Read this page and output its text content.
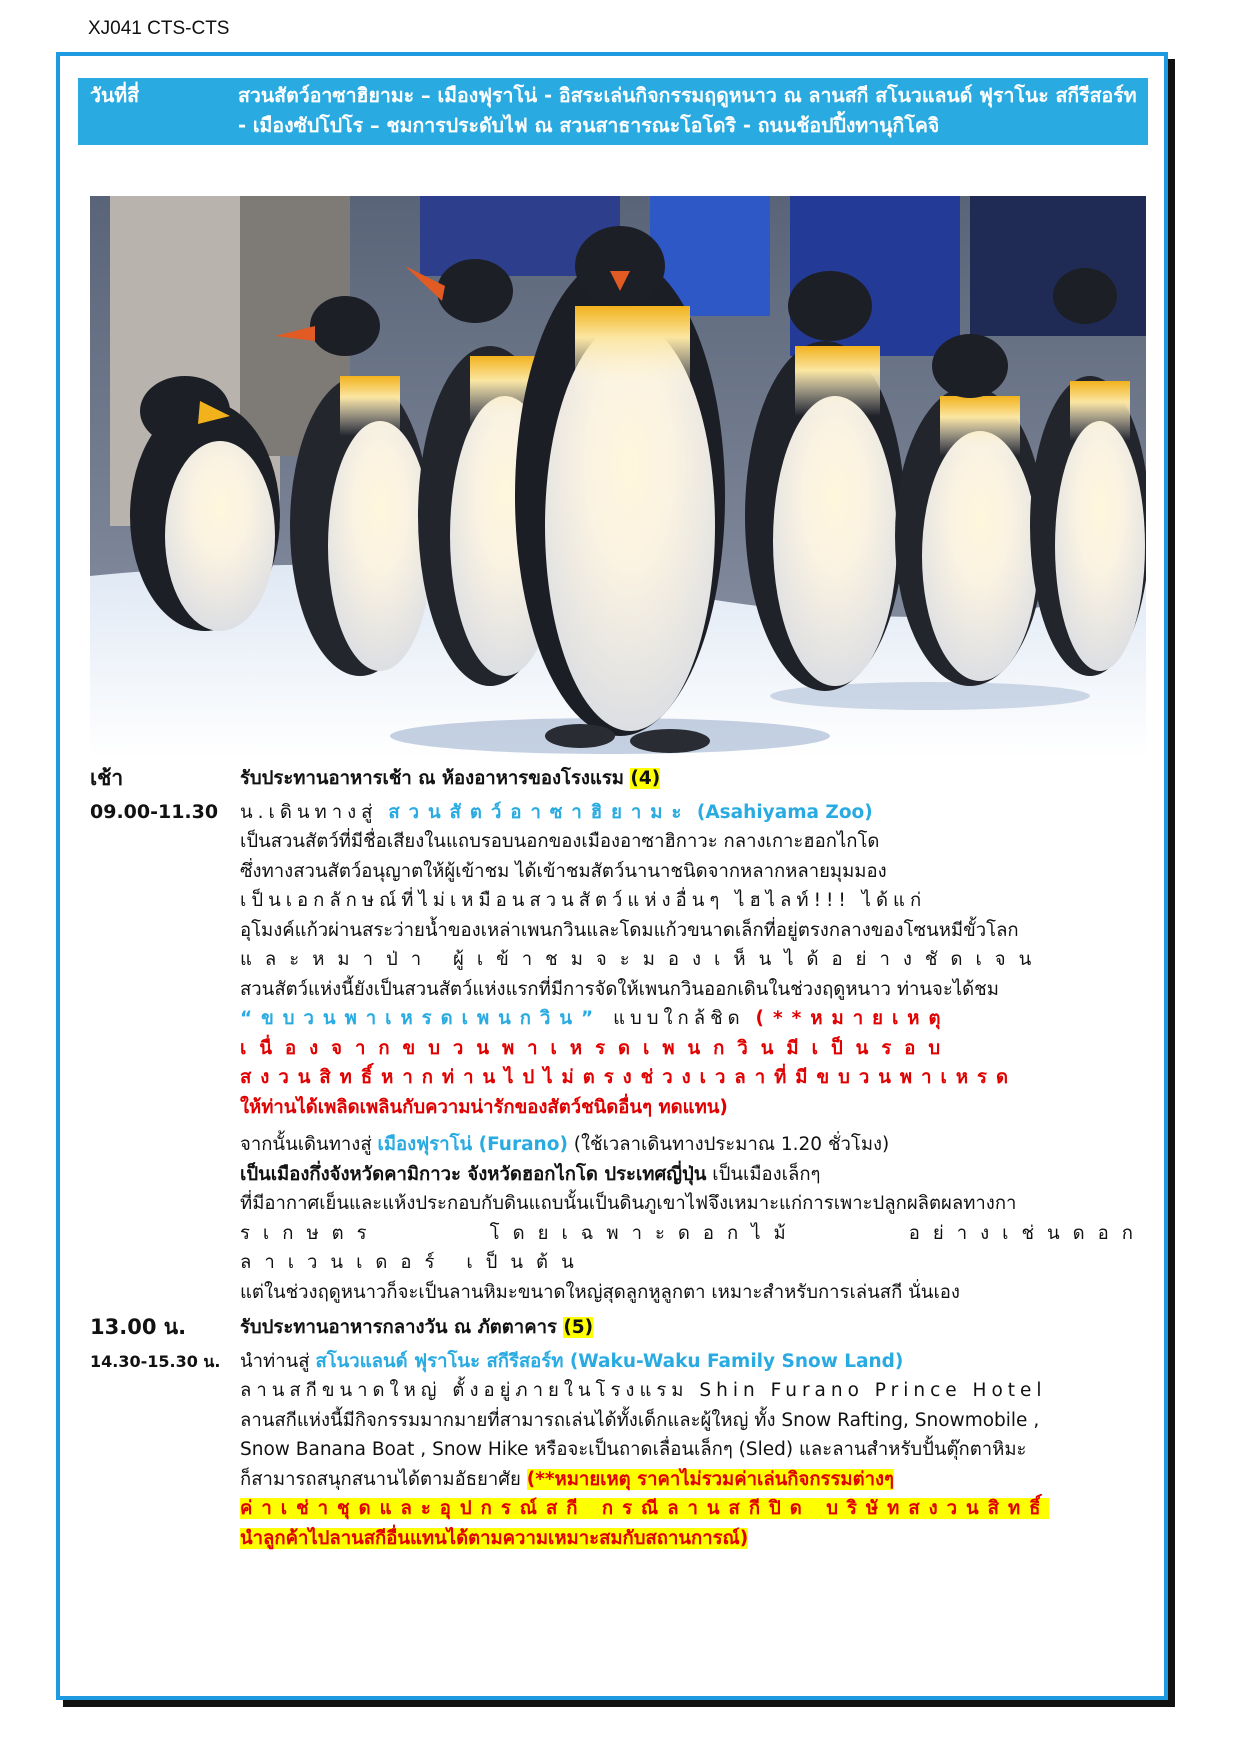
XJ041 CTS-CTS
วันที่สี่	สวนสัตว์อาซาฮิยามะ – เมืองฟุราโน่ - อิสระเล่นกิจกรรมฤดูหนาว ณ ลานสกี สโนวแลนด์ ฟุราโนะ สกีรีสอร์ท - เมืองซัปโปโร – ชมการประดับไฟ ณ สวนสาธารณะโอโดริ - ถนนช้อปปิ้งทานุกิโคจิ
เช้า	รับประทานอาหารเช้า ณ ห้องอาหารของโรงแรม (4)
09.00-11.30	น.เดินทางสู่ สวนสัตว์อาซาฮิยามะ (Asahiyama Zoo)

เป็นสวนสัตว์ที่มีชื่อเสียงในแถบรอบนอกของเมืองอาซาฮิกาวะ กลางเกาะฮอกไกโด

ซึ่งทางสวนสัตว์อนุญาตให้ผู้เข้าชม ได้เข้าชมสัตว์นานาชนิดจากหลากหลายมุมมอง

เป็นเอกลักษณ์ที่ไม่เหมือนสวนสัตว์แห่งอื่นๆ ไฮไลท์!!! ได้แก่

อุโมงค์แก้วผ่านสระว่ายน้ำของเหล่าเพนกวินและโดมแก้วขนาดเล็กที่อยู่ตรงกลางของโซนหมีขั้วโลก

และหมาป่า ผู้เข้าชมจะมองเห็นได้อย่างชัดเจน

สวนสัตว์แห่งนี้ยังเป็นสวนสัตว์แห่งแรกที่มีการจัดให้เพนกวินออกเดินในช่วงฤดูหนาว ท่านจะได้ชม

“ขบวนพาเหรดเพนกวิน” แบบใกล้ชิด (**หมายเหตุ

เนื่องจากขบวนพาเหรดเพนกวินมีเป็นรอบ

สงวนสิทธิ์หากท่านไปไม่ตรงช่วงเวลาที่มีขบวนพาเหรด

ให้ท่านได้เพลิดเพลินกับความน่ารักของสัตว์ชนิดอื่นๆ ทดแทน)

จากนั้นเดินทางสู่ เมืองฟุราโน่ (Furano) (ใช้เวลาเดินทางประมาณ 1.20 ชั่วโมง)

เป็นเมืองกึ่งจังหวัดคามิกาวะ จังหวัดฮอกไกโด ประเทศญี่ปุ่น เป็นเมืองเล็กๆ

ที่มีอากาศเย็นและแห้งประกอบกับดินแถบนั้นเป็นดินภูเขาไฟจึงเหมาะแก่การเพาะปลูกผลิตผลทางกา

รเกษตร โดยเฉพาะดอกไม้ อย่างเช่นดอกลาเวนเดอร์ เป็นต้น

แต่ในช่วงฤดูหนาวก็จะเป็นลานหิมะขนาดใหญ่สุดลูกหูลูกตา เหมาะสำหรับการเล่นสกี นั่นเอง

13.00 น.	รับประทานอาหารกลางวัน ณ ภัตตาคาร (5)
14.30-15.30 น.	นำท่านสู่ สโนวแลนด์ ฟุราโนะ สกีรีสอร์ท (Waku-Waku Family Snow Land)

ลานสกีขนาดใหญ่ ตั้งอยู่ภายในโรงแรม Shin Furano Prince Hotel

ลานสกีแห่งนี้มีกิจกรรมมากมายที่สามารถเล่นได้ทั้งเด็กและผู้ใหญ่ ทั้ง Snow Rafting, Snowmobile ,

Snow Banana Boat , Snow Hike หรือจะเป็นถาดเลื่อนเล็กๆ (Sled) และลานสำหรับปั้นตุ๊กตาหิมะ

ก็สามารถสนุกสนานได้ตามอัธยาศัย (**หมายเหตุ ราคาไม่รวมค่าเล่นกิจกรรมต่างๆ

ค่าเช่าชุดและอุปกรณ์สกี กรณีลานสกีปิด บริษัทสงวนสิทธิ์

นำลูกค้าไปลานสกีอื่นแทนได้ตามความเหมาะสมกับสถานการณ์)
